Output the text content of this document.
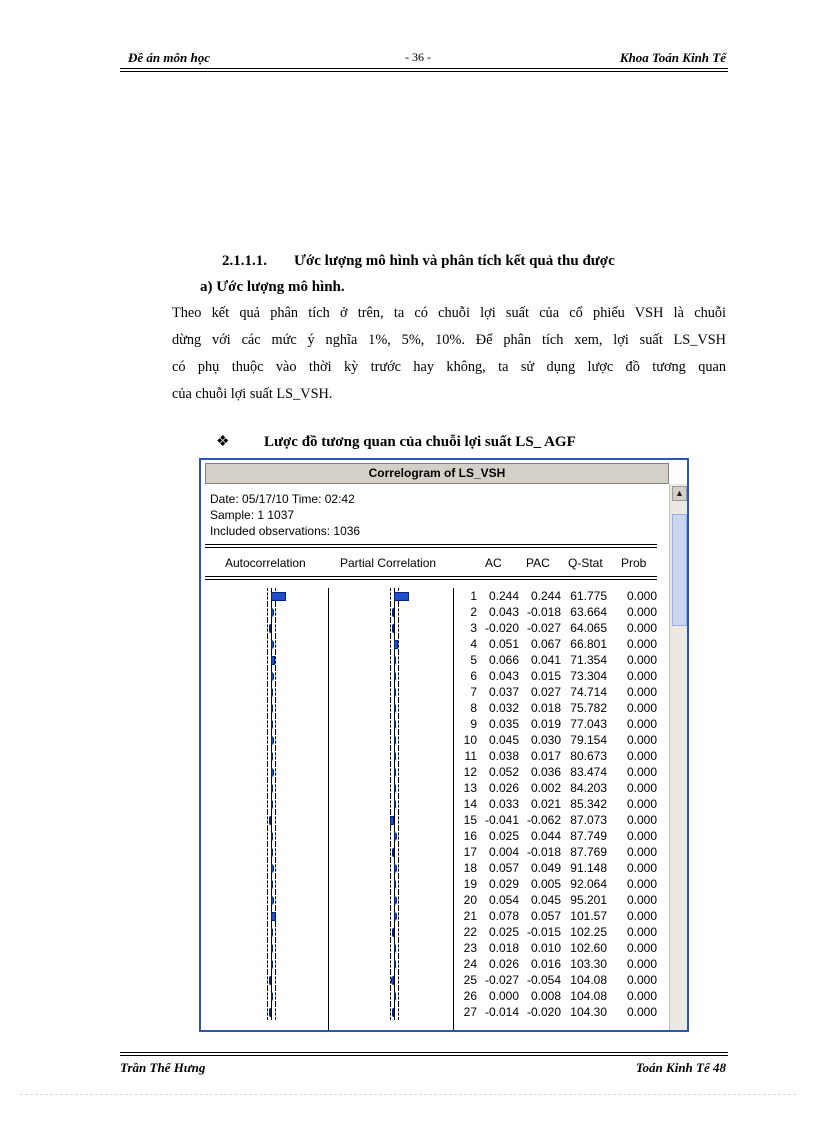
Đề án môn học	- 36 -	Khoa Toán Kinh Tế
2.1.1.1. Ước lượng mô hình và phân tích kết quả thu được
a) Ước lượng mô hình.
Theo kết quả phân tích ở trên, ta có chuỗi lợi suất của cổ phiếu VSH là chuỗi
dừng với các mức ý nghĩa 1%, 5%, 10%. Để phân tích xem, lợi suất LS_VSH
có phụ thuộc vào thời kỳ trước hay không, ta sử dụng lược đồ tương quan
của chuỗi lợi suất LS_VSH.
❖ Lược đồ tương quan của chuỗi lợi suất LS_ AGF
Correlogram of LS_VSH
▲
Date: 05/17/10 Time: 02:42
Sample: 1 1037
Included observations: 1036
Autocorrelation	Partial Correlation	AC PAC Q-Stat Prob
1 0.244 0.244 61.775	0.000
2 0.043 -0.018 63.664	0.000
3 -0.020 -0.027 64.065	0.000
4 0.051 0.067 66.801	0.000
5 0.066 0.041 71.354	0.000
6 0.043 0.015 73.304	0.000
7 0.037 0.027 74.714	0.000
8 0.032 0.018 75.782	0.000
9 0.035 0.019 77.043	0.000
10 0.045 0.030 79.154	0.000
11 0.038 0.017 80.673	0.000
12 0.052 0.036 83.474	0.000
13 0.026 0.002 84.203	0.000
14 0.033 0.021 85.342	0.000
15 -0.041 -0.062 87.073	0.000
16 0.025 0.044 87.749	0.000
17 0.004 -0.018 87.769	0.000
18 0.057 0.049 91.148	0.000
19 0.029 0.005 92.064	0.000
20 0.054 0.045 95.201	0.000
21 0.078 0.057 101.57	0.000
22 0.025 -0.015 102.25	0.000
23 0.018 0.010 102.60	0.000
24 0.026 0.016 103.30	0.000
25 -0.027 -0.054 104.08	0.000
26 0.000 0.008 104.08	0.000
27 -0.014 -0.020 104.30	0.000
Trần Thế Hưng	Toán Kinh Tế 48
